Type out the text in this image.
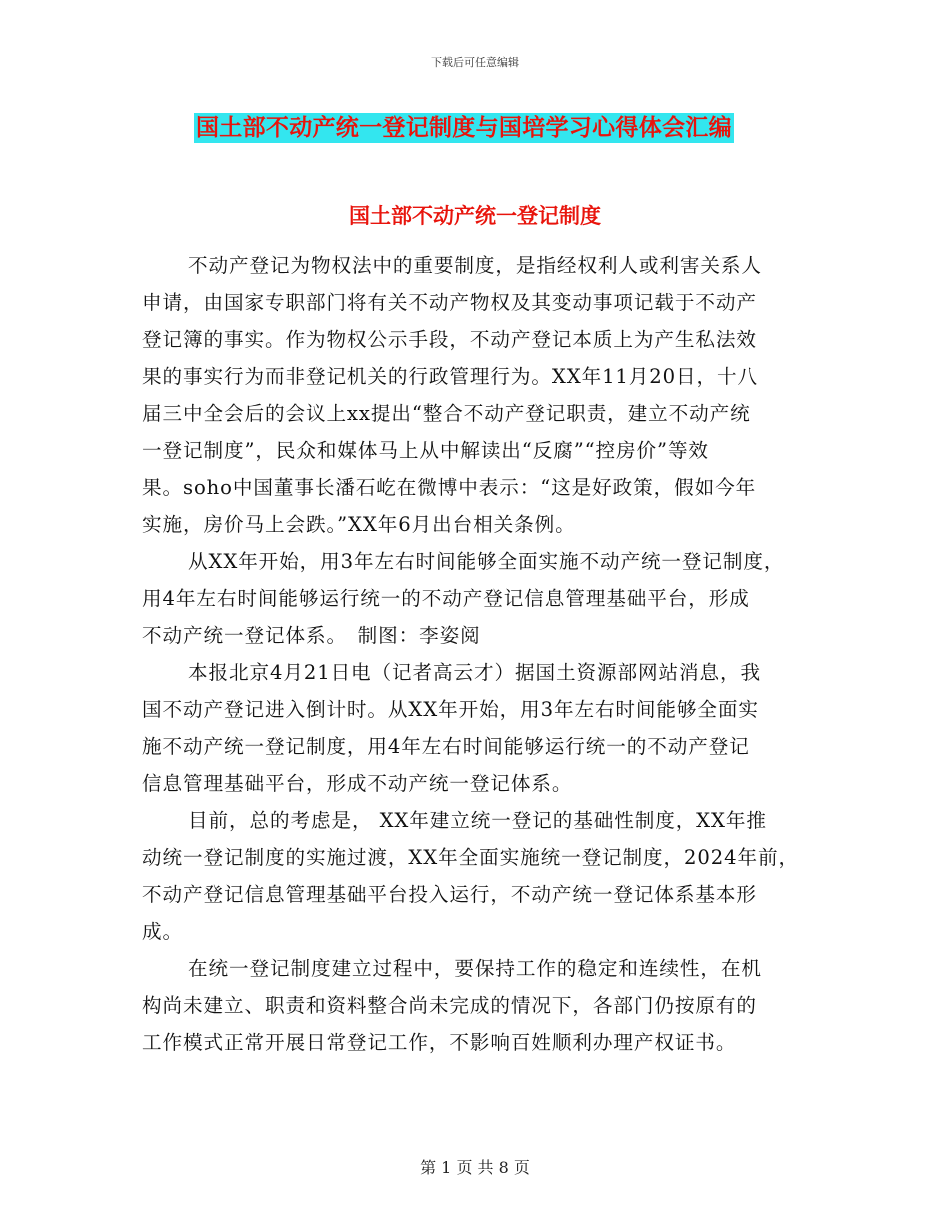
下载后可任意编辑
国土部不动产统一登记制度与国培学习心得体会汇编
国土部不动产统一登记制度
不动产登记为物权法中的重要制度，是指经权利人或利害关系人
申请，由国家专职部门将有关不动产物权及其变动事项记载于不动产
登记簿的事实。作为物权公示手段，不动产登记本质上为产生私法效
果的事实行为而非登记机关的行政管理行为。XX年11月20日，十八
届三中全会后的会议上xx提出“整合不动产登记职责，建立不动产统
一登记制度”，民众和媒体马上从中解读出“反腐”“控房价”等效
果。soho中国董事长潘石屹在微博中表示：“这是好政策，假如今年
实施，房价马上会跌。”XX年6月出台相关条例。
从XX年开始，用3年左右时间能够全面实施不动产统一登记制度，
用4年左右时间能够运行统一的不动产登记信息管理基础平台，形成
不动产统一登记体系。　制图：李姿阅
本报北京4月21日电（记者高云才）据国土资源部网站消息，我
国不动产登记进入倒计时。从XX年开始，用3年左右时间能够全面实
施不动产统一登记制度，用4年左右时间能够运行统一的不动产登记
信息管理基础平台，形成不动产统一登记体系。
目前，总的考虑是， XX年建立统一登记的基础性制度，XX年推
动统一登记制度的实施过渡，XX年全面实施统一登记制度，2024年前，
不动产登记信息管理基础平台投入运行，不动产统一登记体系基本形
成。
在统一登记制度建立过程中，要保持工作的稳定和连续性，在机
构尚未建立、职责和资料整合尚未完成的情况下，各部门仍按原有的
工作模式正常开展日常登记工作，不影响百姓顺利办理产权证书。
第 1 页 共 8 页
